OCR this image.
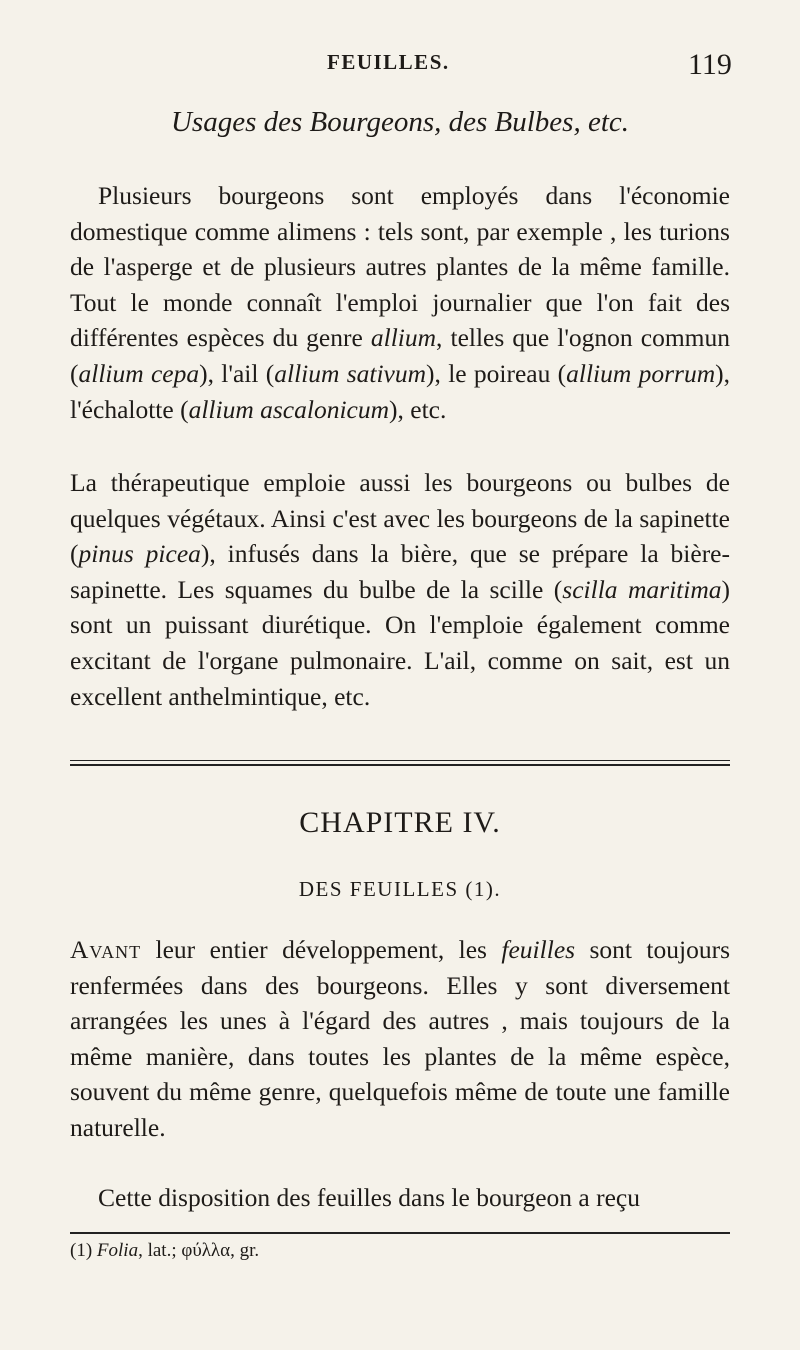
FEUILLES.	119
Usages des Bourgeons, des Bulbes, etc.

Plusieurs bourgeons sont employés dans l'économie domestique comme alimens : tels sont, par exemple , les turions de l'asperge et de plusieurs autres plantes de la même famille. Tout le monde connaît l'emploi journalier que l'on fait des différentes espèces du genre allium, telles que l'ognon commun (allium cepa), l'ail (allium sativum), le poireau (allium porrum), l'échalotte (allium ascalonicum), etc.

La thérapeutique emploie aussi les bourgeons ou bulbes de quelques végétaux. Ainsi c'est avec les bourgeons de la sapinette (pinus picea), infusés dans la bière, que se prépare la bière-sapinette. Les squames du bulbe de la scille (scilla maritima) sont un puissant diurétique. On l'emploie également comme excitant de l'organe pulmonaire. L'ail, comme on sait, est un excellent anthelmintique, etc.

CHAPITRE IV.
DES FEUILLES (1).

Avant leur entier développement, les feuilles sont toujours renfermées dans des bourgeons. Elles y sont diversement arrangées les unes à l'égard des autres , mais toujours de la même manière, dans toutes les plantes de la même espèce, souvent du même genre, quelquefois même de toute une famille naturelle.

Cette disposition des feuilles dans le bourgeon a reçu

(1) Folia, lat.; φύλλα, gr.
